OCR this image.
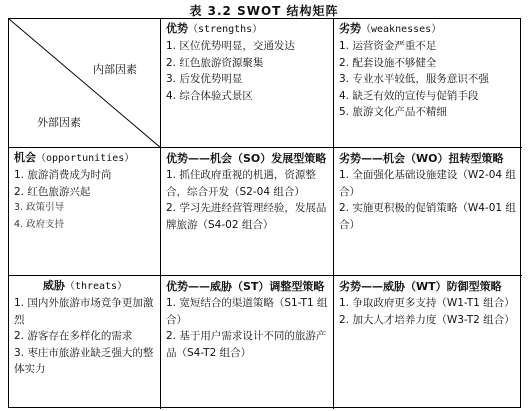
表 3.2 SWOT 结构矩阵
内部因素
外部因素
优势（strengths）
1. 区位优势明显，交通发达
2. 红色旅游资源聚集
3. 后发优势明显
4. 综合体验式景区
劣势（weaknesses）
1. 运营资金严重不足
2. 配套设施不够健全
3. 专业水平较低，服务意识不强
4. 缺乏有效的宣传与促销手段
5. 旅游文化产品不精细
机会（opportunities）
1. 旅游消费成为时尚
2. 红色旅游兴起
3. 政策引导
4. 政府支持
优势——机会（SO）发展型策略
1. 抓住政府重视的机遇，资源整合，综合开发（S2-04 组合）
2. 学习先进经营管理经验，发展品牌旅游（S4-02 组合）
劣势——机会（WO）扭转型策略
1. 全面强化基础设施建设（W2-04 组合）
2. 实施更积极的促销策略（W4-01 组合）
威胁（threats）
1. 国内外旅游市场竞争更加激烈
2. 游客存在多样化的需求
3. 枣庄市旅游业缺乏强大的整体实力
优势——威胁（ST）调整型策略
1. 宽短结合的渠道策略（S1-T1 组合）
2. 基于用户需求设计不同的旅游产品（S4-T2 组合）
劣势——威胁（WT）防御型策略
1. 争取政府更多支持（W1-T1 组合）
2. 加大人才培养力度（W3-T2 组合）
